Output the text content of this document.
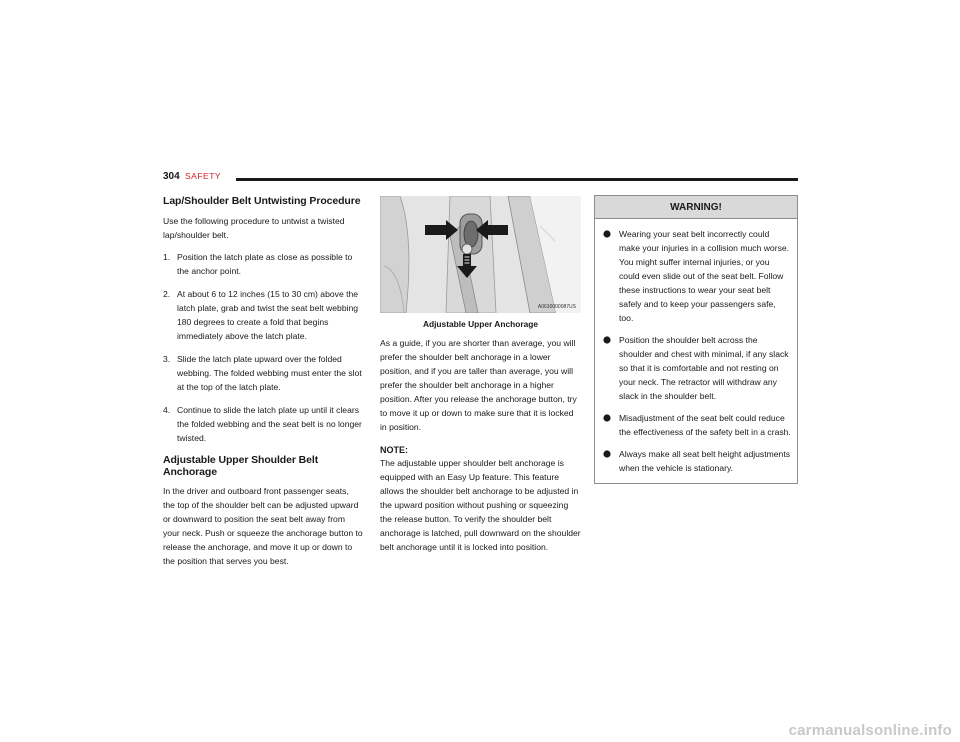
304 SAFETY
Lap/Shoulder Belt Untwisting Procedure

Use the following procedure to untwist a twisted lap/shoulder belt.

1. Position the latch plate as close as possible to the anchor point.
2. At about 6 to 12 inches (15 to 30 cm) above the latch plate, grab and twist the seat belt webbing 180 degrees to create a fold that begins immediately above the latch plate.
3. Slide the latch plate upward over the folded webbing. The folded webbing must enter the slot at the top of the latch plate.
4. Continue to slide the latch plate up until it clears the folded webbing and the seat belt is no longer twisted.
Adjustable Upper Shoulder Belt Anchorage

In the driver and outboard front passenger seats, the top of the shoulder belt can be adjusted upward or downward to position the seat belt away from your neck. Push or squeeze the anchorage button to release the anchorage, and move it up or down to the position that serves you best.

A0630000087US
Adjustable Upper Anchorage

As a guide, if you are shorter than average, you will prefer the shoulder belt anchorage in a lower position, and if you are taller than average, you will prefer the shoulder belt anchorage in a higher position. After you release the anchorage button, try to move it up or down to make sure that it is locked in position.

NOTE:

The adjustable upper shoulder belt anchorage is equipped with an Easy Up feature. This feature allows the shoulder belt anchorage to be adjusted in the upward position without pushing or squeezing the release button. To verify the shoulder belt anchorage is latched, pull downward on the shoulder belt anchorage until it is locked into position.

WARNING!
Wearing your seat belt incorrectly could make your injuries in a collision much worse. You might suffer internal injuries, or you could even slide out of the seat belt. Follow these instructions to wear your seat belt safely and to keep your passengers safe, too.
Position the shoulder belt across the shoulder and chest with minimal, if any slack so that it is comfortable and not resting on your neck. The retractor will withdraw any slack in the shoulder belt.
Misadjustment of the seat belt could reduce the effectiveness of the safety belt in a crash.
Always make all seat belt height adjustments when the vehicle is stationary.
carmanualsonline.info
